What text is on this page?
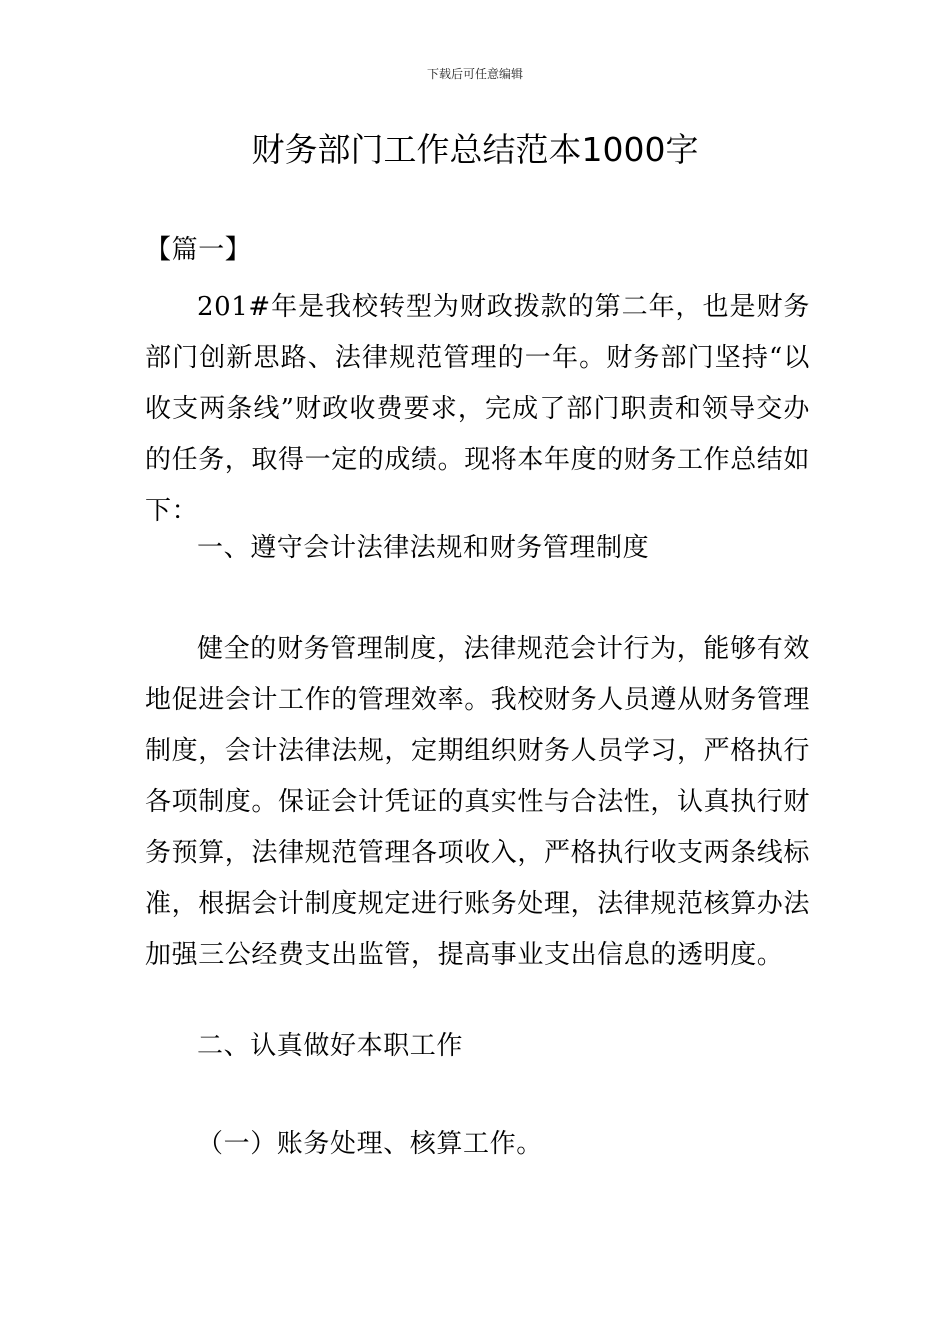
下载后可任意编辑
财务部门工作总结范本1000字

【篇一】

201#年是我校转型为财政拨款的第二年，也是财务部门创新思路、法律规范管理的一年。财务部门坚持“以收支两条线”财政收费要求，完成了部门职责和领导交办的任务，取得一定的成绩。现将本年度的财务工作总结如下：

一、遵守会计法律法规和财务管理制度

健全的财务管理制度，法律规范会计行为，能够有效地促进会计工作的管理效率。我校财务人员遵从财务管理制度，会计法律法规，定期组织财务人员学习，严格执行各项制度。保证会计凭证的真实性与合法性，认真执行财务预算，法律规范管理各项收入，严格执行收支两条线标准，根据会计制度规定进行账务处理，法律规范核算办法加强三公经费支出监管，提高事业支出信息的透明度。

二、认真做好本职工作

（一）账务处理、核算工作。
